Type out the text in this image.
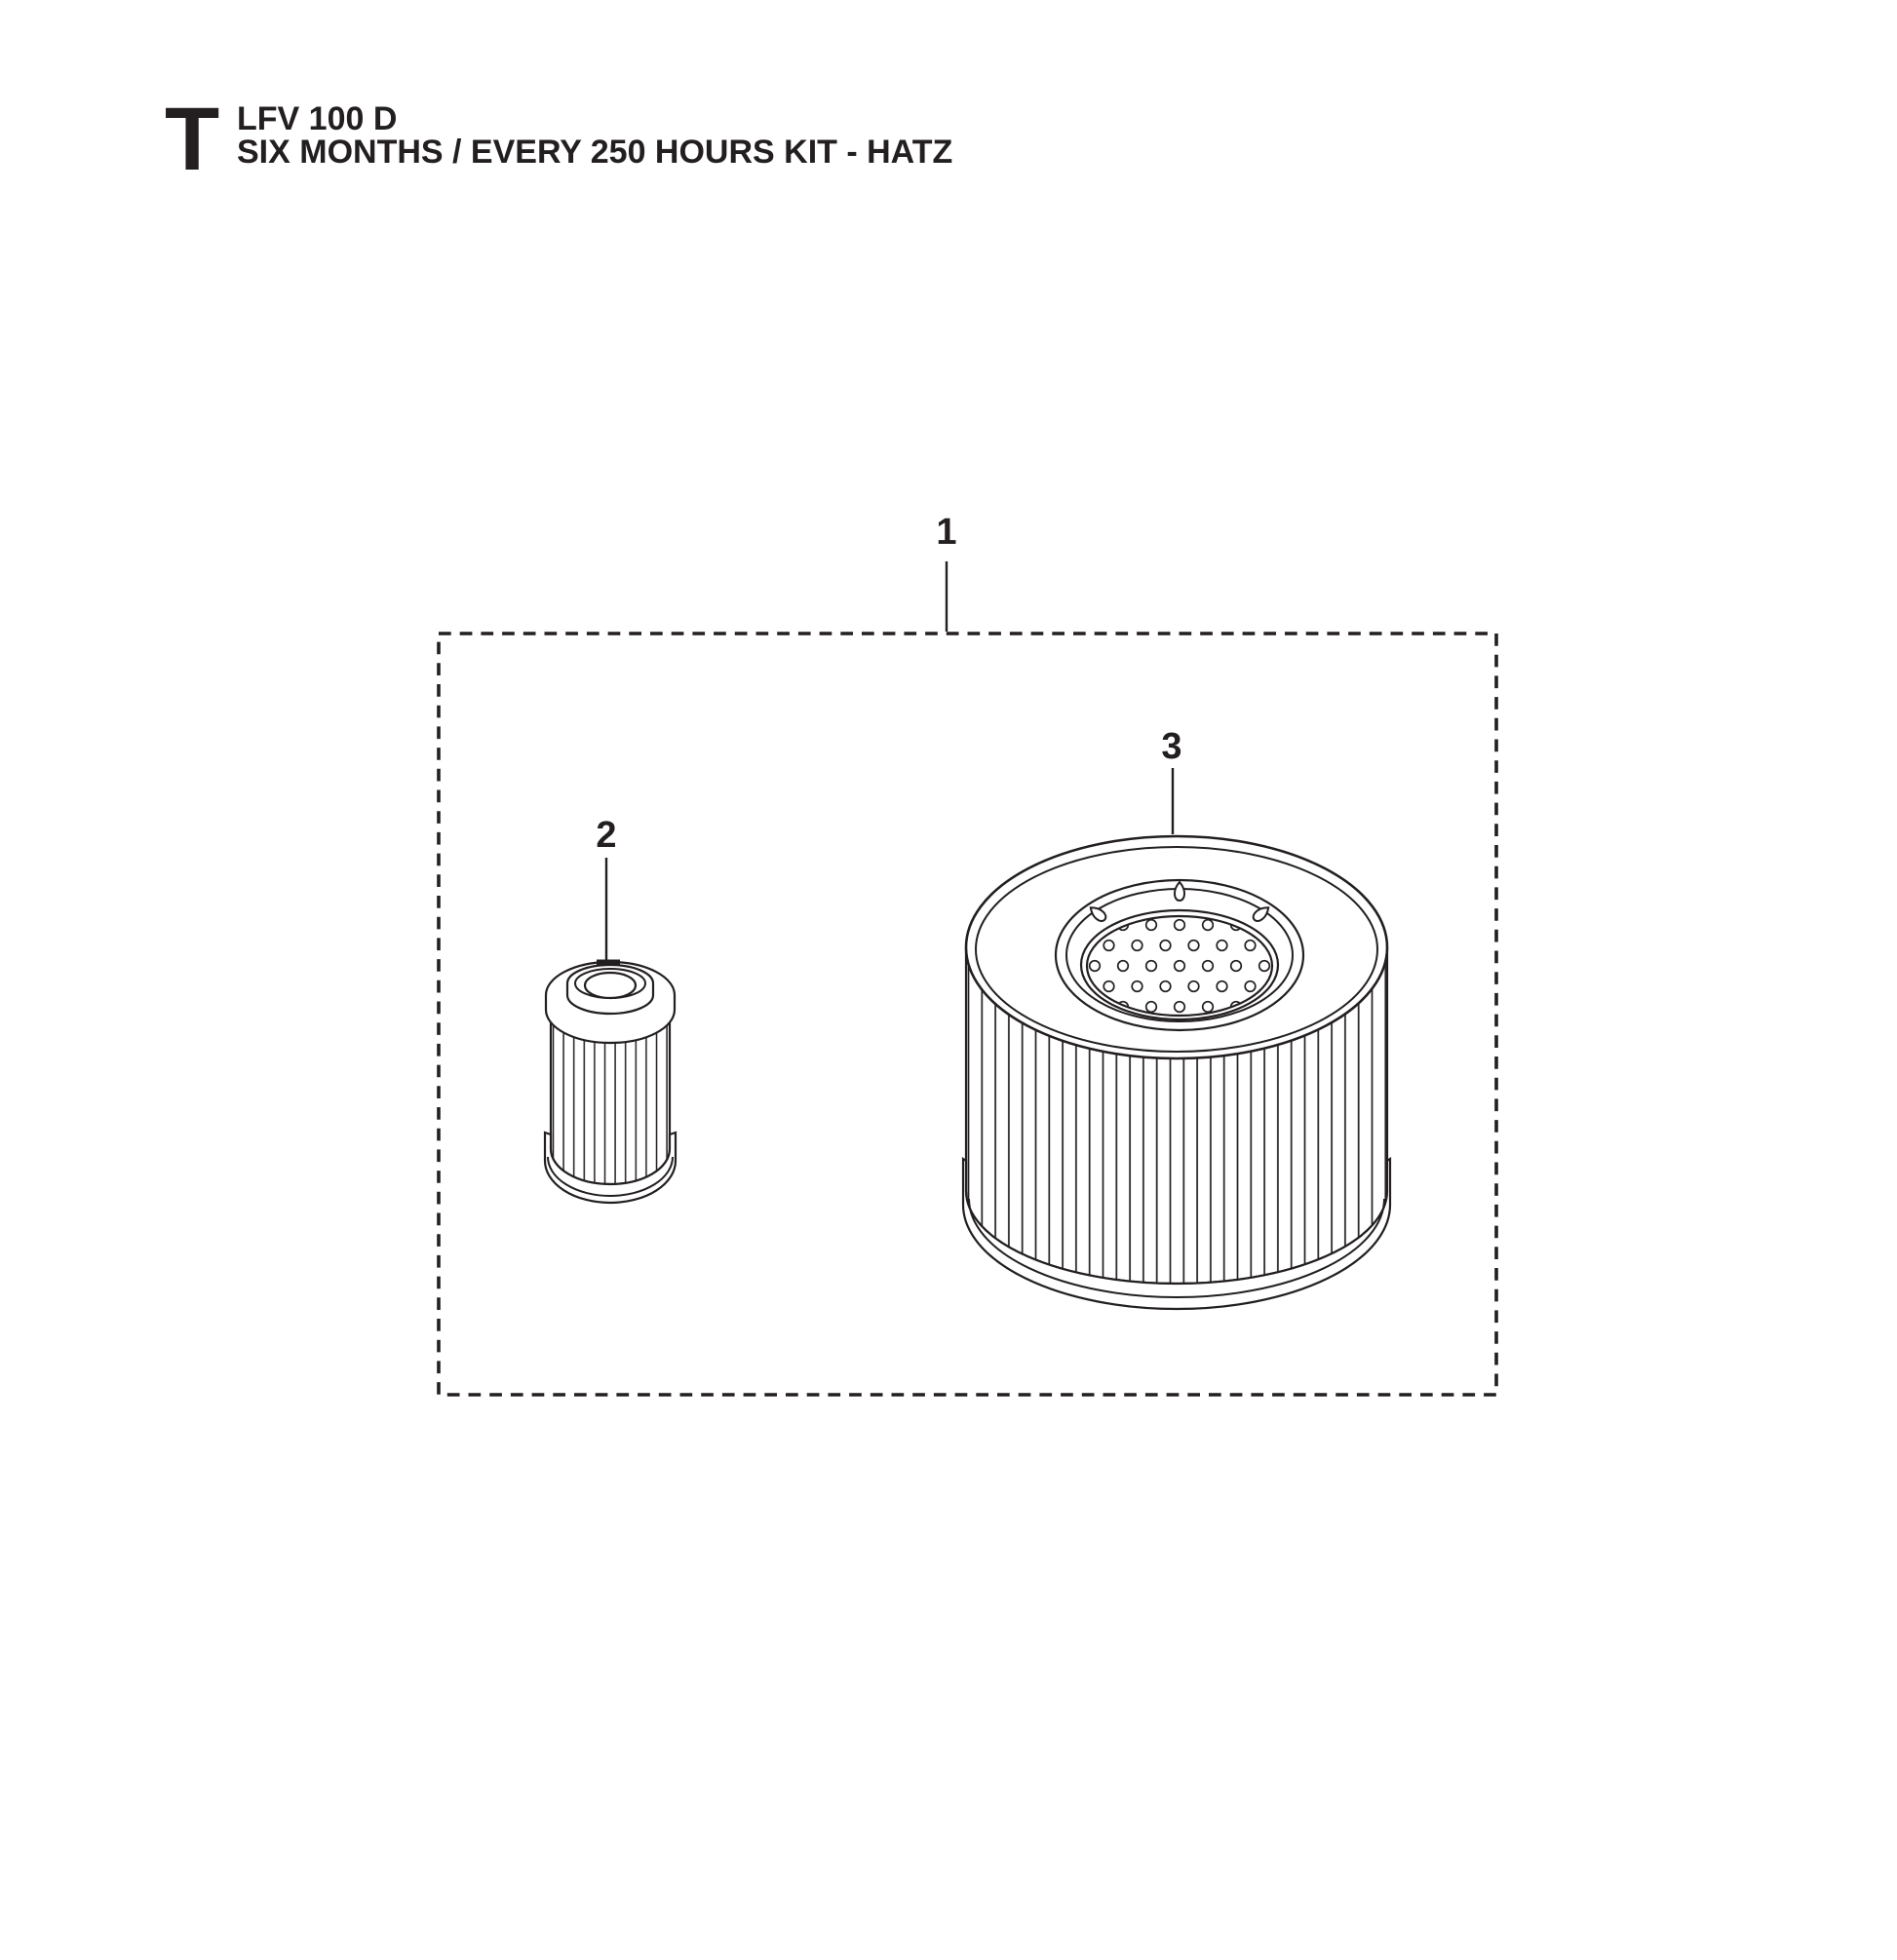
T LFV 100 D
SIX MONTHS / EVERY 250 HOURS KIT - HATZ
1
2
3
